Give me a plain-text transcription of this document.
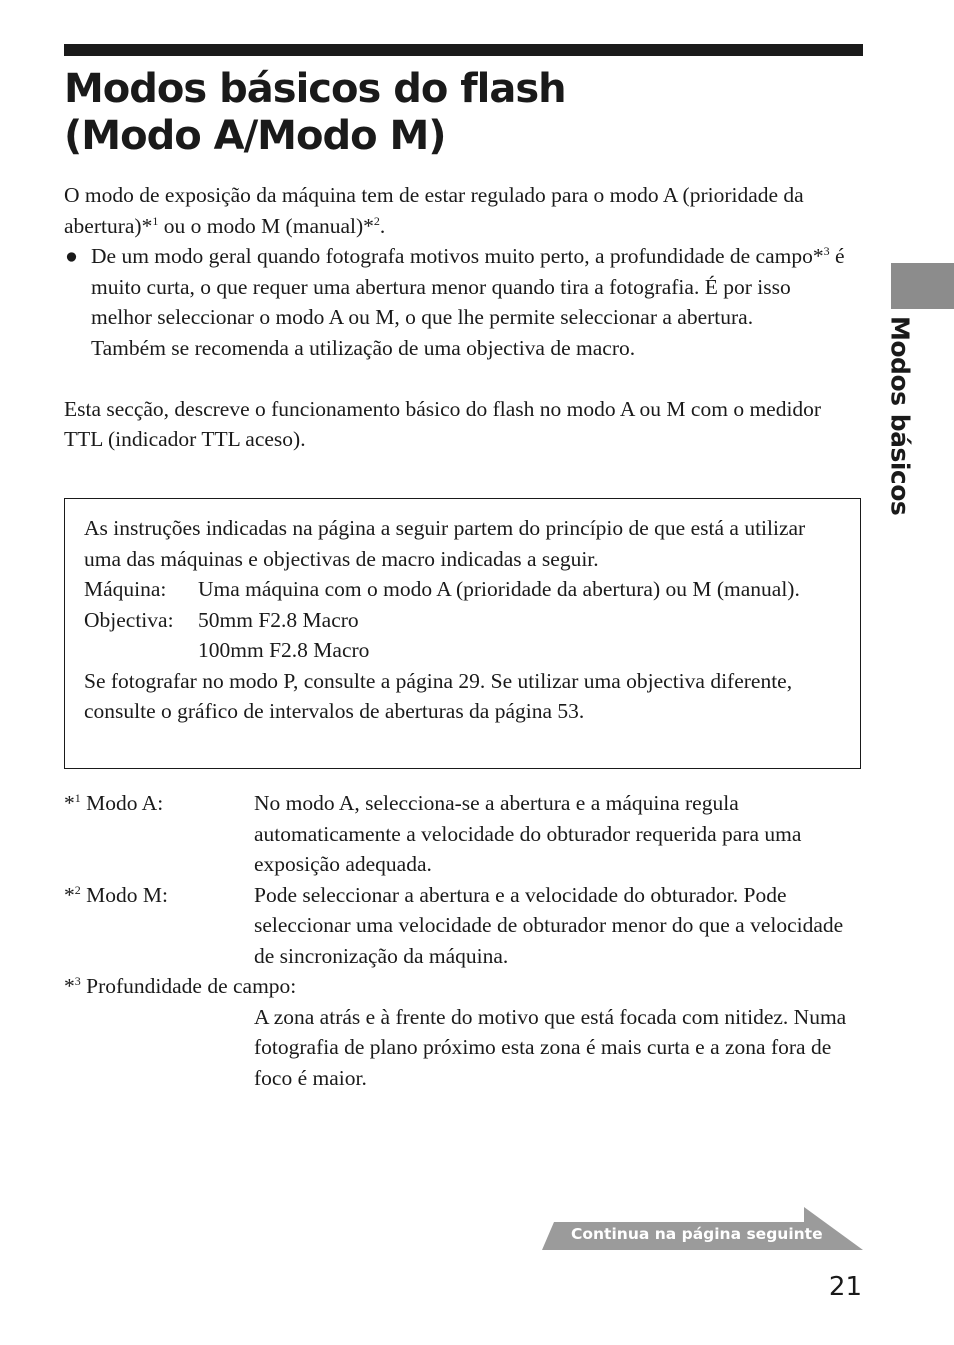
Modos básicos do flash
(Modo A/Modo M)
Modos básicos

O modo de exposição da máquina tem de estar regulado para o modo A (prioridade da abertura)*$^1$ ou o modo M (manual)*$^2$.

● De um modo geral quando fotografa motivos muito perto, a profundidade de campo*$^3$ é muito curta, o que requer uma abertura menor quando tira a fotografia. É por isso melhor seleccionar o modo A ou M, o que lhe permite seleccionar a abertura.

Também se recomenda a utilização de uma objectiva de macro.

Esta secção, descreve o funcionamento básico do flash no modo A ou M com o medidor TTL (indicador TTL aceso).

As instruções indicadas na página a seguir partem do princípio de que está a utilizar uma das máquinas e objectivas de macro indicadas a seguir.

Máquina:	Uma máquina com o modo A (prioridade da abertura) ou M (manual).
Objectiva:	50mm F2.8 Macro
100mm F2.8 Macro

Se fotografar no modo P, consulte a página 29. Se utilizar uma objectiva diferente, consulte o gráfico de intervalos de aberturas da página 53.

*$^1$ Modo A:	No modo A, selecciona-se a abertura e a máquina regula automaticamente a velocidade do obturador requerida para uma exposição adequada.
*$^2$ Modo M:	Pode seleccionar a abertura e a velocidade do obturador. Pode seleccionar uma velocidade de obturador menor do que a velocidade de sincronização da máquina.
*$^3$ Profundidade de campo:
A zona atrás e à frente do motivo que está focada com nitidez. Numa fotografia de plano próximo esta zona é mais curta e a zona fora de foco é maior.
Continua na página seguinte
21
